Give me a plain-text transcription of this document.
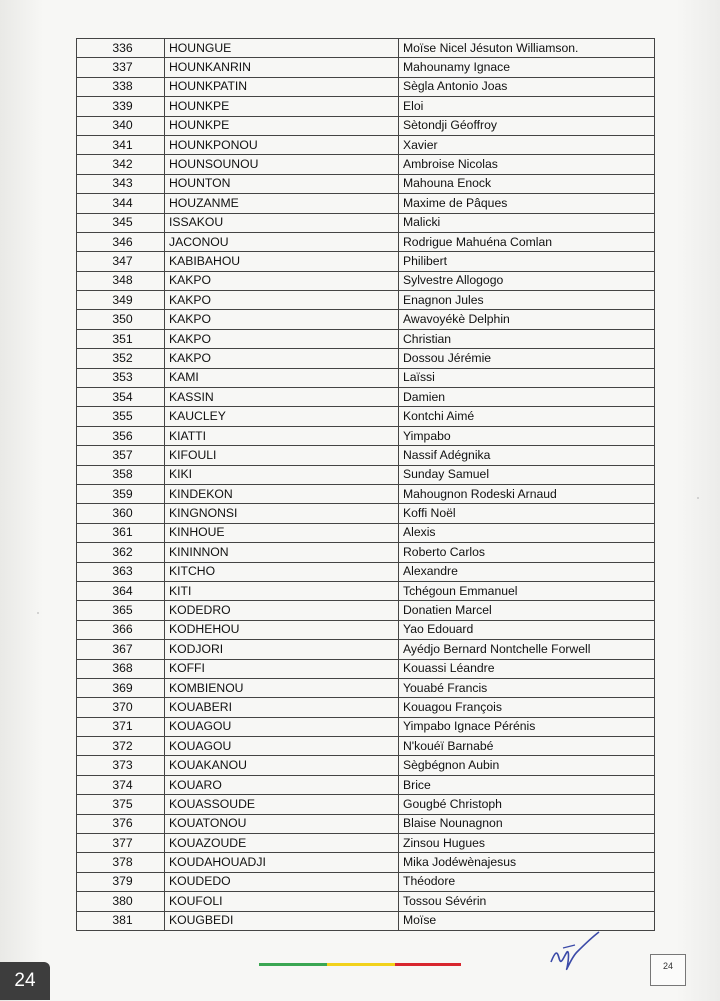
336	HOUNGUE	Moïse Nicel Jésuton Williamson.
337	HOUNKANRIN	Mahounamy Ignace
338	HOUNKPATIN	Sègla Antonio Joas
339	HOUNKPE	Eloi
340	HOUNKPE	Sètondji Géoffroy
341	HOUNKPONOU	Xavier
342	HOUNSOUNOU	Ambroise Nicolas
343	HOUNTON	Mahouna Enock
344	HOUZANME	Maxime de Pâques
345	ISSAKOU	Malicki
346	JACONOU	Rodrigue Mahuéna Comlan
347	KABIBAHOU	Philibert
348	KAKPO	Sylvestre Allogogo
349	KAKPO	Enagnon Jules
350	KAKPO	Awavoyékè Delphin
351	KAKPO	Christian
352	KAKPO	Dossou Jérémie
353	KAMI	Laïssi
354	KASSIN	Damien
355	KAUCLEY	Kontchi Aimé
356	KIATTI	Yimpabo
357	KIFOULI	Nassif Adégnika
358	KIKI	Sunday Samuel
359	KINDEKON	Mahougnon Rodeski Arnaud
360	KINGNONSI	Koffi Noël
361	KINHOUE	Alexis
362	KININNON	Roberto Carlos
363	KITCHO	Alexandre
364	KITI	Tchégoun Emmanuel
365	KODEDRO	Donatien Marcel
366	KODHEHOU	Yao Edouard
367	KODJORI	Ayédjo Bernard Nontchelle Forwell
368	KOFFI	Kouassi Léandre
369	KOMBIENOU	Youabé Francis
370	KOUABERI	Kouagou François
371	KOUAGOU	Yimpabo Ignace Pérénis
372	KOUAGOU	N'kouéï Barnabé
373	KOUAKANOU	Sègbégnon Aubin
374	KOUARO	Brice
375	KOUASSOUDE	Gougbé Christoph
376	KOUATONOU	Blaise Nounagnon
377	KOUAZOUDE	Zinsou Hugues
378	KOUDAHOUADJI	Mika Jodéwènajesus
379	KOUDEDO	Théodore
380	KOUFOLI	Tossou Sévérin
381	KOUGBEDI	Moïse
24
24
